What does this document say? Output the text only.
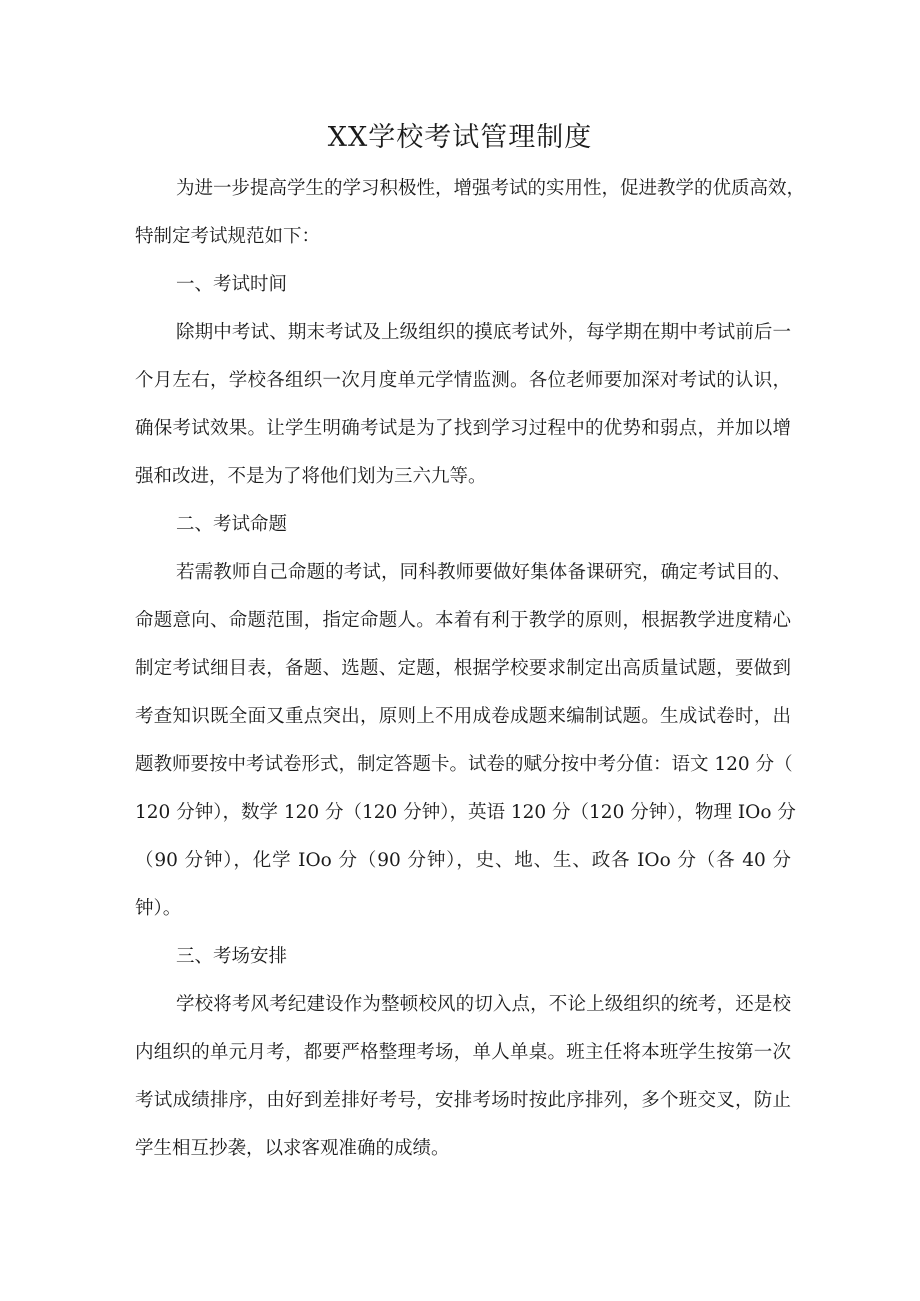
XX学校考试管理制度

为进一步提高学生的学习积极性，增强考试的实用性，促进教学的优质高效，

特制定考试规范如下：

一、考试时间

除期中考试、期末考试及上级组织的摸底考试外，每学期在期中考试前后一

个月左右，学校各组织一次月度单元学情监测。各位老师要加深对考试的认识，

确保考试效果。让学生明确考试是为了找到学习过程中的优势和弱点，并加以增

强和改进，不是为了将他们划为三六九等。

二、考试命题

若需教师自己命题的考试，同科教师要做好集体备课研究，确定考试目的、

命题意向、命题范围，指定命题人。本着有利于教学的原则，根据教学进度精心

制定考试细目表，备题、选题、定题，根据学校要求制定出高质量试题，要做到

考查知识既全面又重点突出，原则上不用成卷成题来编制试题。生成试卷时，出

题教师要按中考试卷形式，制定答题卡。试卷的赋分按中考分值：语文 120 分（

120 分钟），数学 120 分（120 分钟），英语 120 分（120 分钟），物理 IOo 分

（90 分钟），化学 IOo 分（90 分钟），史、地、生、政各 IOo 分（各 40 分

钟）。

三、考场安排

学校将考风考纪建设作为整顿校风的切入点，不论上级组织的统考，还是校

内组织的单元月考，都要严格整理考场，单人单桌。班主任将本班学生按第一次

考试成绩排序，由好到差排好考号，安排考场时按此序排列，多个班交叉，防止

学生相互抄袭，以求客观准确的成绩。
